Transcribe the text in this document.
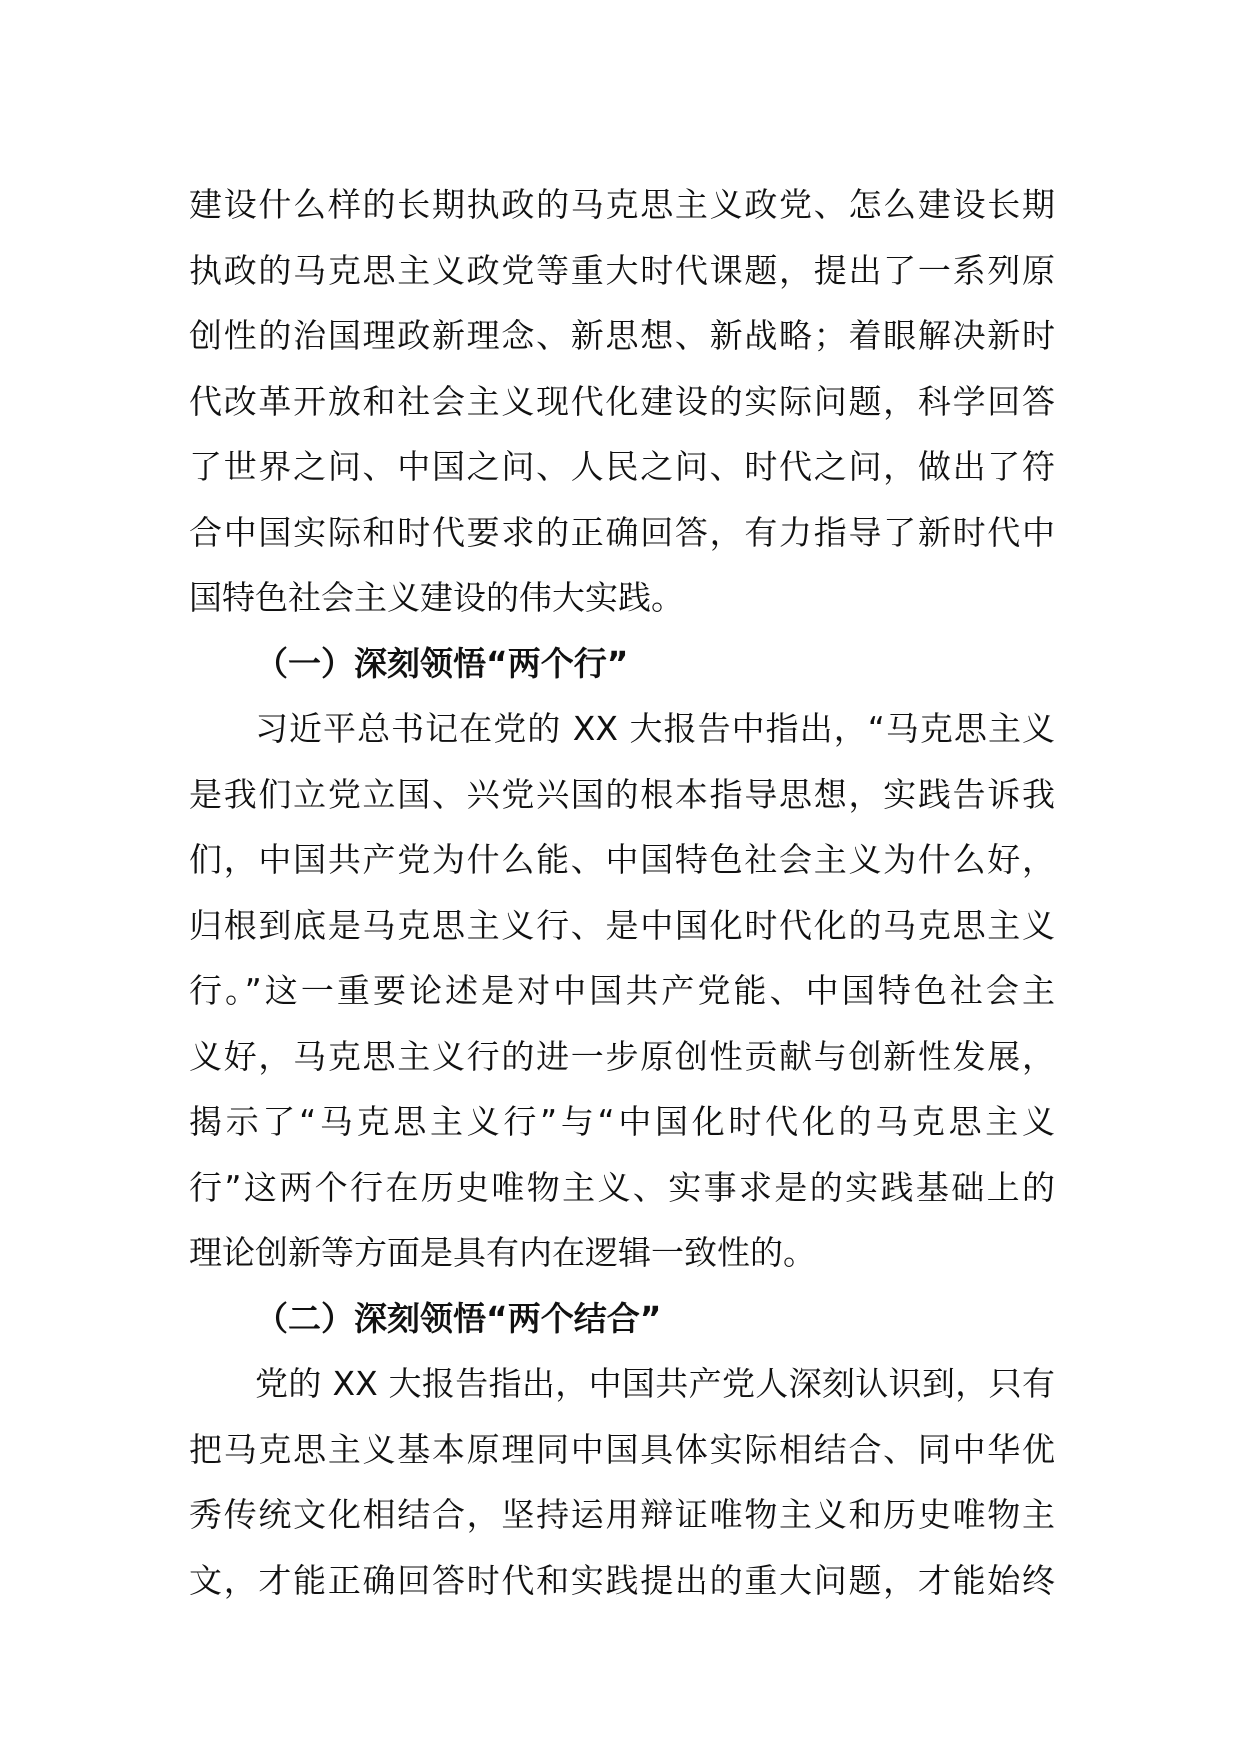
建设什么样的长期执政的马克思主义政党、怎么建设长期
执政的马克思主义政党等重大时代课题，提出了一系列原
创性的治国理政新理念、新思想、新战略；着眼解决新时
代改革开放和社会主义现代化建设的实际问题，科学回答
了世界之问、中国之问、人民之问、时代之问，做出了符
合中国实际和时代要求的正确回答，有力指导了新时代中
国特色社会主义建设的伟大实践。
（一）深刻领悟“两个行”
习近平总书记在党的 XX 大报告中指出，“马克思主义
是我们立党立国、兴党兴国的根本指导思想，实践告诉我
们，中国共产党为什么能、中国特色社会主义为什么好，
归根到底是马克思主义行、是中国化时代化的马克思主义
行。”这一重要论述是对中国共产党能、中国特色社会主
义好，马克思主义行的进一步原创性贡献与创新性发展，
揭示了“马克思主义行”与“中国化时代化的马克思主义
行”这两个行在历史唯物主义、实事求是的实践基础上的
理论创新等方面是具有内在逻辑一致性的。
（二）深刻领悟“两个结合”
党的 XX 大报告指出，中国共产党人深刻认识到，只有
把马克思主义基本原理同中国具体实际相结合、同中华优
秀传统文化相结合，坚持运用辩证唯物主义和历史唯物主
文，才能正确回答时代和实践提出的重大问题，才能始终
